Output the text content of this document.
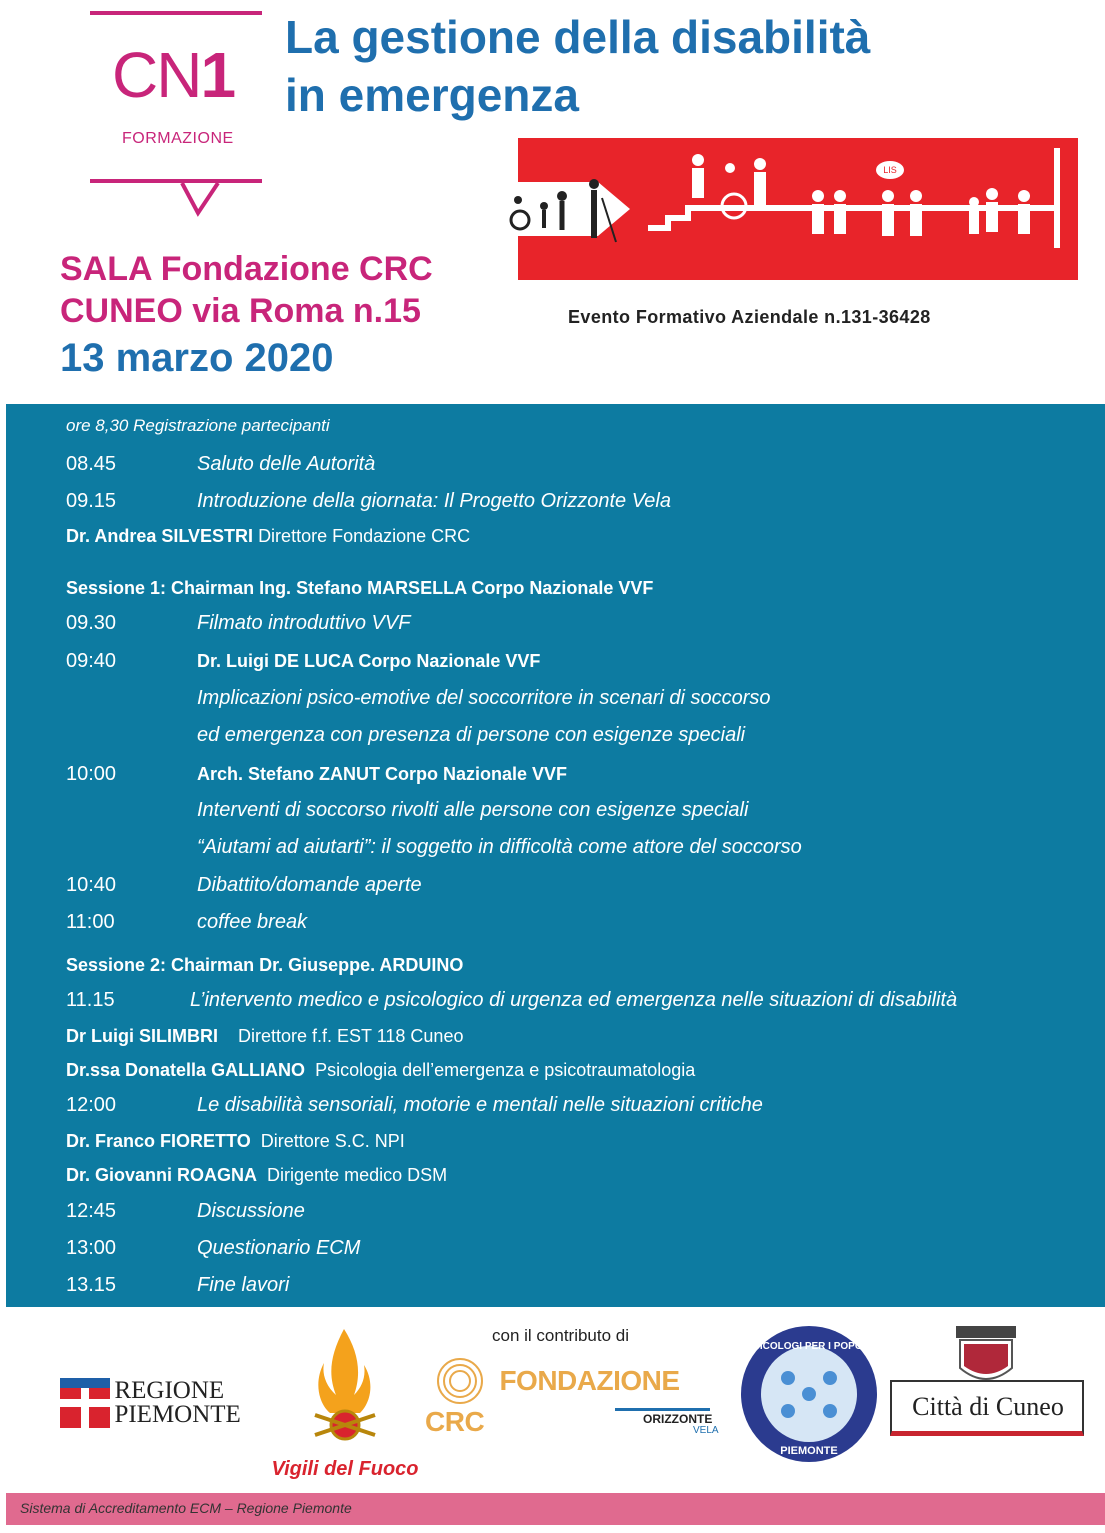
CN1
FORMAZIONE
La gestione della disabilità
in emergenza
LIS
SALA Fondazione CRC
CUNEO via Roma n.15
13 marzo 2020
Evento Formativo Aziendale n.131-36428
ore 8,30 Registrazione partecipanti
08.45	Saluto delle Autorità
09.15	Introduzione della giornata: Il Progetto Orizzonte Vela
Dr. Andrea SILVESTRI Direttore Fondazione CRC
Sessione 1: Chairman Ing. Stefano MARSELLA Corpo Nazionale VVF
09.30	Filmato introduttivo VVF
09:40	Dr. Luigi DE LUCA Corpo Nazionale VVF
Implicazioni psico-emotive del soccorritore in scenari di soccorso
ed emergenza con presenza di persone con esigenze speciali
10:00	Arch. Stefano ZANUT Corpo Nazionale VVF
Interventi di soccorso rivolti alle persone con esigenze speciali
“Aiutami ad aiutarti”: il soggetto in difficoltà come attore del soccorso
10:40	Dibattito/domande aperte
11:00	coffee break
Sessione 2: Chairman Dr. Giuseppe. ARDUINO
11.15	L’intervento medico e psicologico di urgenza ed emergenza nelle situazioni di disabilità
Dr Luigi SILIMBRI Direttore f.f. EST 118 Cuneo
Dr.ssa Donatella GALLIANO Psicologia dell’emergenza e psicotraumatologia
12:00	Le disabilità sensoriali, motorie e mentali nelle situazioni critiche
Dr. Franco FIORETTO Direttore S.C. NPI
Dr. Giovanni ROAGNA Dirigente medico DSM
12:45	Discussione
13:00	Questionario ECM
13.15	Fine lavori
con il contributo di

REGIONE
PIEMONTE
Vigili del Fuoco
FONDAZIONE CRC	ORIZZONTE
VELA
PSICOLOGI PER I POPOLI
PIEMONTE
Città di Cuneo
Sistema di Accreditamento ECM – Regione Piemonte
